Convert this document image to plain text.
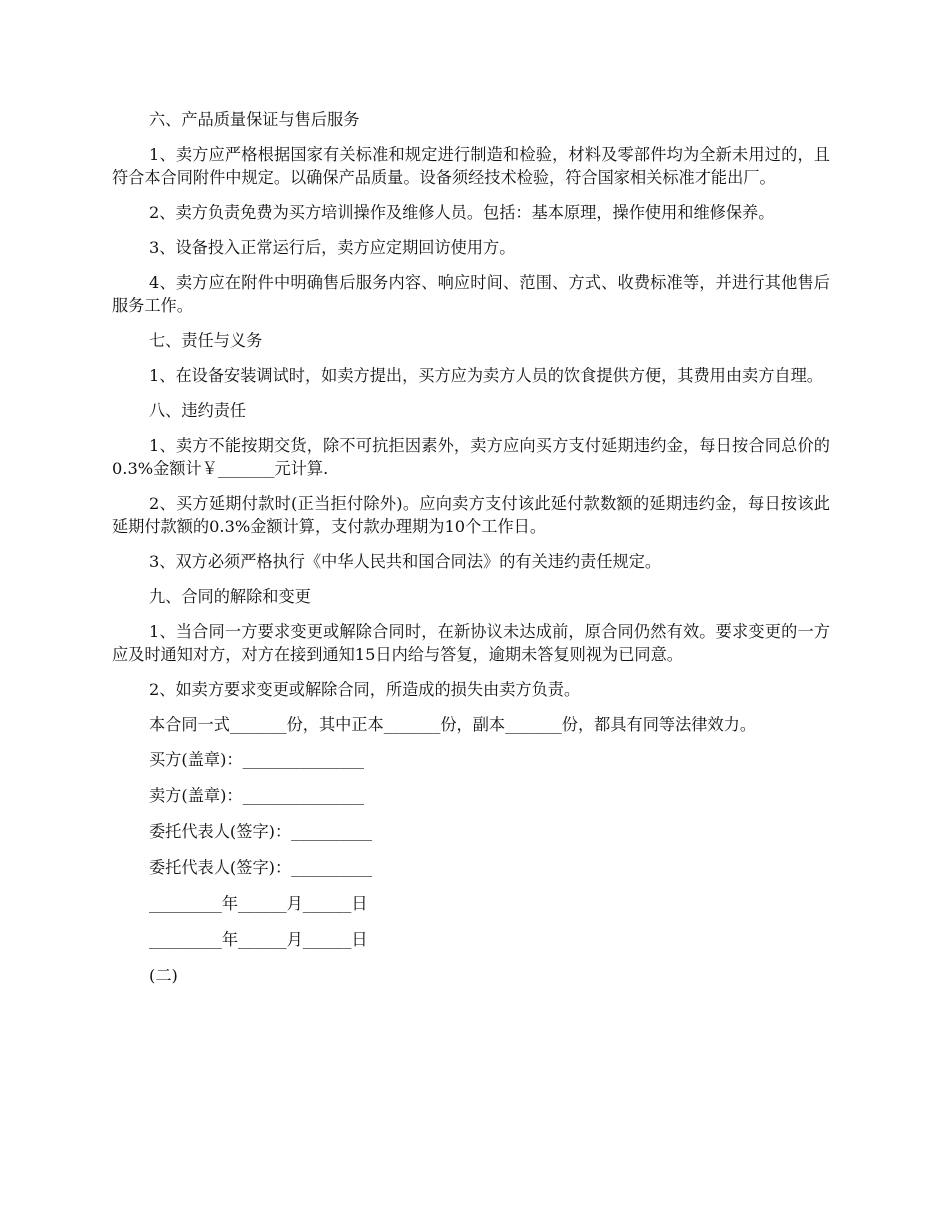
六、产品质量保证与售后服务

1、卖方应严格根据国家有关标准和规定进行制造和检验，材料及零部件均为全新未用过的，且符合本合同附件中规定。以确保产品质量。设备须经技术检验，符合国家相关标准才能出厂。

2、卖方负责免费为买方培训操作及维修人员。包括：基本原理，操作使用和维修保养。

3、设备投入正常运行后，卖方应定期回访使用方。

4、卖方应在附件中明确售后服务内容、响应时间、范围、方式、收费标准等，并进行其他售后服务工作。

七、责任与义务

1、在设备安装调试时，如卖方提出，买方应为卖方人员的饮食提供方便，其费用由卖方自理。

八、违约责任

1、卖方不能按期交货，除不可抗拒因素外，卖方应向买方支付延期违约金，每日按合同总价的0.3%金额计￥_______元计算.

2、买方延期付款时(正当拒付除外)。应向卖方支付该此延付款数额的延期违约金，每日按该此延期付款额的0.3%金额计算，支付款办理期为10个工作日。

3、双方必须严格执行《中华人民共和国合同法》的有关违约责任规定。

九、合同的解除和变更

1、当合同一方要求变更或解除合同时，在新协议未达成前，原合同仍然有效。要求变更的一方应及时通知对方，对方在接到通知15日内给与答复，逾期未答复则视为已同意。

2、如卖方要求变更或解除合同，所造成的损失由卖方负责。

本合同一式_______份，其中正本_______份，副本_______份，都具有同等法律效力。

买方(盖章)：_______________

卖方(盖章)：_______________

委托代表人(签字)：__________

委托代表人(签字)：__________

_________年______月______日

_________年______月______日

(二)
